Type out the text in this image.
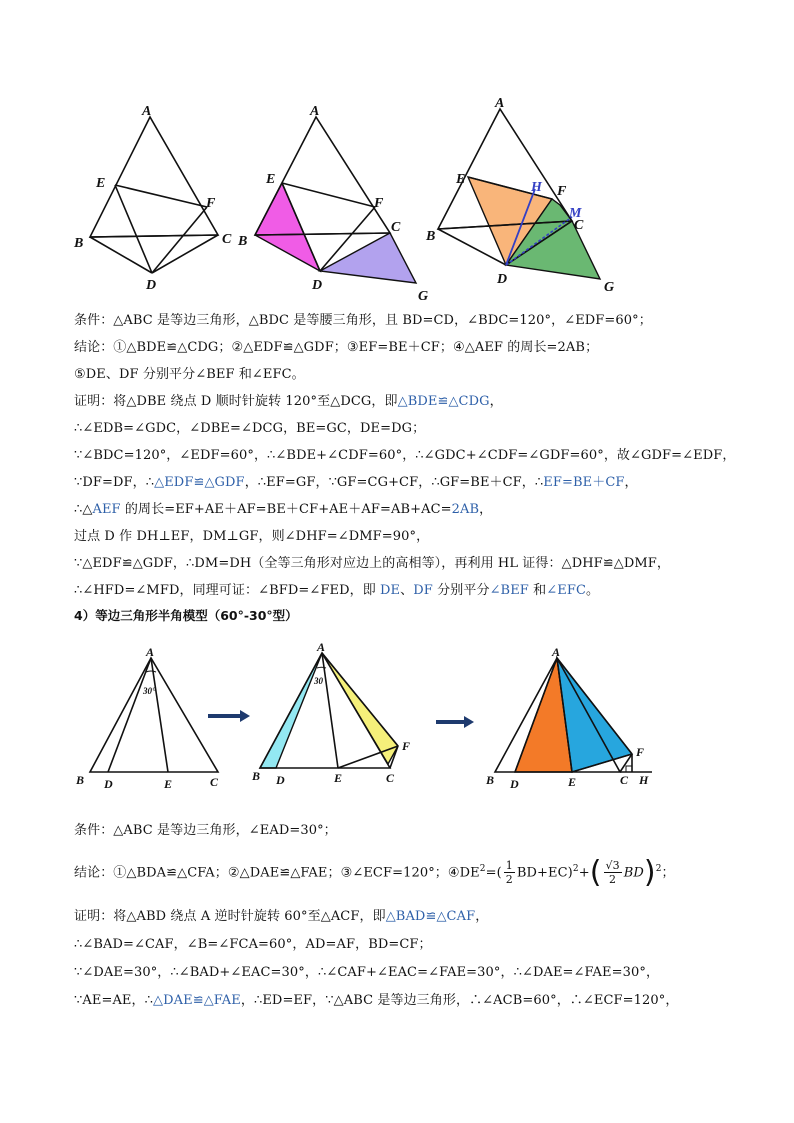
A
B	C
D
E
F
A
B
C
D
E
F
G
A
B
C
D
E
F
G
H
M
条件：△ABC 是等边三角形，△BDC 是等腰三角形，且 BD=CD，∠BDC=120°，∠EDF=60°；
结论：①△BDE≌△CDG；②△EDF≌△GDF；③EF=BE＋CF；④△AEF 的周长=2AB；
⑤DE、DF 分别平分∠BEF 和∠EFC。
证明：将△DBE 绕点 D 顺时针旋转 120°至△DCG，即△BDE≌△CDG，
∴∠EDB=∠GDC，∠DBE=∠DCG，BE=GC，DE=DG；
∵∠BDC=120°，∠EDF=60°，∴∠BDE+∠CDF=60°，∴∠GDC+∠CDF=∠GDF=60°，故∠GDF=∠EDF，
∵DF=DF，∴△EDF≌△GDF，∴EF=GF，∵GF=CG+CF，∴GF=BE＋CF，∴EF=BE＋CF，
∴△AEF 的周长=EF+AE＋AF=BE＋CF+AE＋AF=AB+AC=2AB，
过点 D 作 DH⊥EF，DM⊥GF，则∠DHF=∠DMF=90°，
∵△EDF≌△GDF，∴DM=DH（全等三角形对应边上的高相等），再利用 HL 证得：△DHF≌△DMF，
∴∠HFD=∠MFD，同理可证：∠BFD=∠FED，即 DE、DF 分别平分∠BEF 和∠EFC。
4）等边三角形半角模型（60°-30°型）
A
B	C
D	E
30°
A
B	C
D	E
F
30
A
B	C
D	E
F
H
条件：△ABC 是等边三角形，∠EAD=30°；
结论：①△BDA≌△CFA；②△DAE≌△FAE；③∠ECF=120°；$④DE^2=( \frac{1}{2} BD+EC)^2+( \frac{√3}{2} BD)^2$；
证明：将△ABD 绕点 A 逆时针旋转 60°至△ACF，即△BAD≌△CAF，
∴∠BAD=∠CAF，∠B=∠FCA=60°，AD=AF，BD=CF；
∵∠DAE=30°，∴∠BAD+∠EAC=30°，∴∠CAF+∠EAC=∠FAE=30°，∴∠DAE=∠FAE=30°，
∵AE=AE，∴△DAE≌△FAE，∴ED=EF，∵△ABC 是等边三角形，∴∠ACB=60°，∴∠ECF=120°，
